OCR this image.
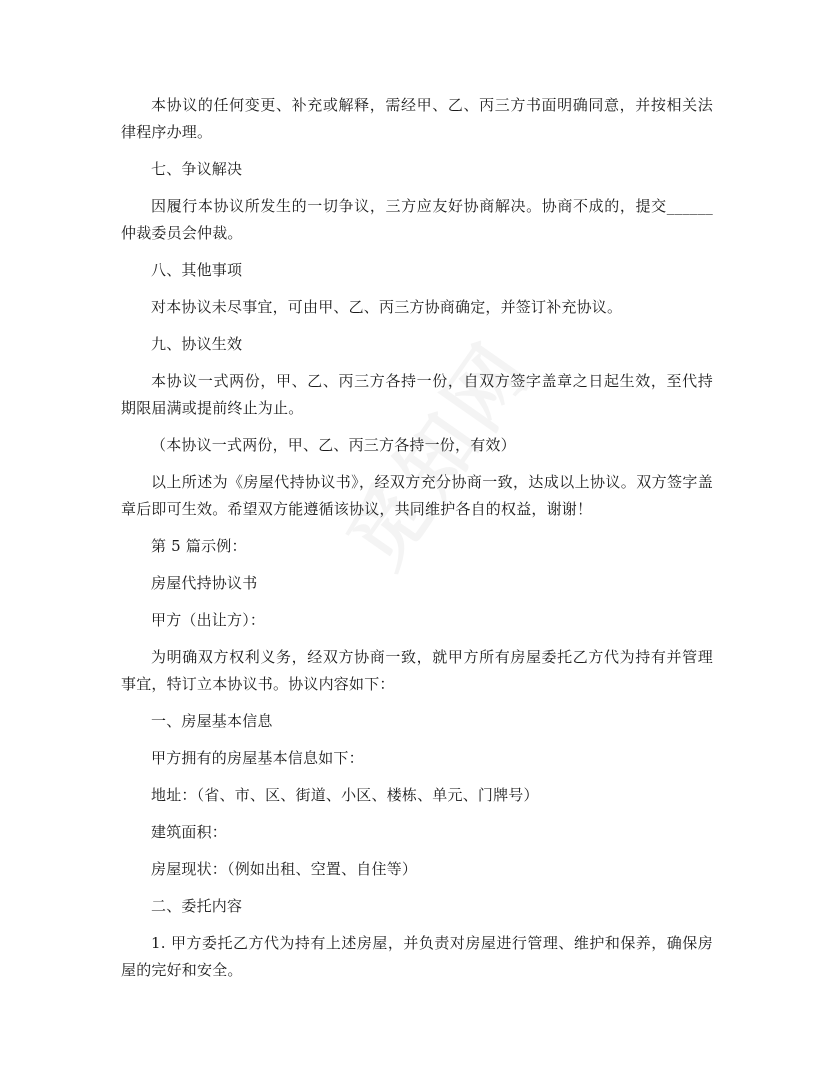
本协议的任何变更、补充或解释，需经甲、乙、丙三方书面明确同意，并按相关法律程序办理。

七、争议解决

因履行本协议所发生的一切争议，三方应友好协商解决。协商不成的，提交______仲裁委员会仲裁。

八、其他事项

对本协议未尽事宜，可由甲、乙、丙三方协商确定，并签订补充协议。

九、协议生效

本协议一式两份，甲、乙、丙三方各持一份，自双方签字盖章之日起生效，至代持期限届满或提前终止为止。

（本协议一式两份，甲、乙、丙三方各持一份，有效）

以上所述为《房屋代持协议书》，经双方充分协商一致，达成以上协议。双方签字盖章后即可生效。希望双方能遵循该协议，共同维护各自的权益，谢谢！

第 5 篇示例：

房屋代持协议书

甲方（出让方）：

为明确双方权利义务，经双方协商一致，就甲方所有房屋委托乙方代为持有并管理事宜，特订立本协议书。协议内容如下：

一、房屋基本信息

甲方拥有的房屋基本信息如下：

地址：（省、市、区、街道、小区、楼栋、单元、门牌号）

建筑面积：

房屋现状：（例如出租、空置、自住等）

二、委托内容

1. 甲方委托乙方代为持有上述房屋，并负责对房屋进行管理、维护和保养，确保房屋的完好和安全。
